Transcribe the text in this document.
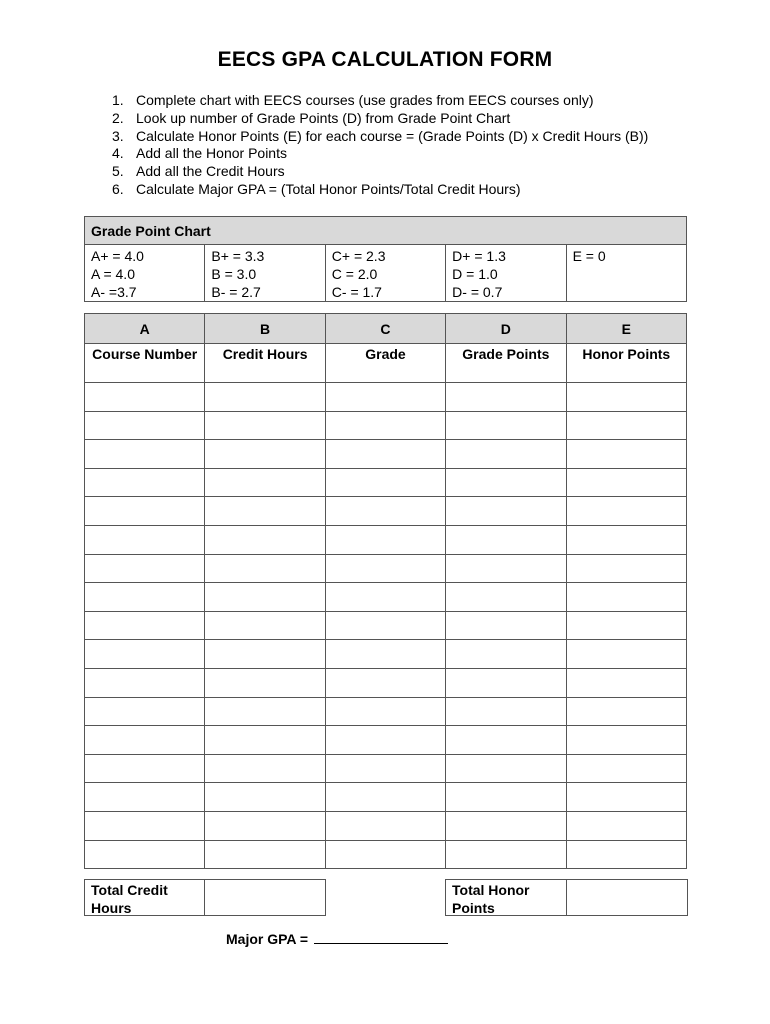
EECS GPA CALCULATION FORM
1. Complete chart with EECS courses (use grades from EECS courses only)
2. Look up number of Grade Points (D) from Grade Point Chart
3. Calculate Honor Points (E) for each course = (Grade Points (D) x Credit Hours (B))
4. Add all the Honor Points
5. Add all the Credit Hours
6. Calculate Major GPA = (Total Honor Points/Total Credit Hours)
Grade Point Chart

A+ = 4.0
A = 4.0
A- =3.7

B+ = 3.3
B = 3.0
B- = 2.7

C+ = 2.3
C = 2.0
C- = 1.7

D+ = 1.3
D = 1.0
D- = 0.7

E = 0
A	B	C	D	E
Course Number	Credit Hours	Grade	Grade Points	Honor Points

Total Credit Hours
Total Honor Points
Major GPA =
